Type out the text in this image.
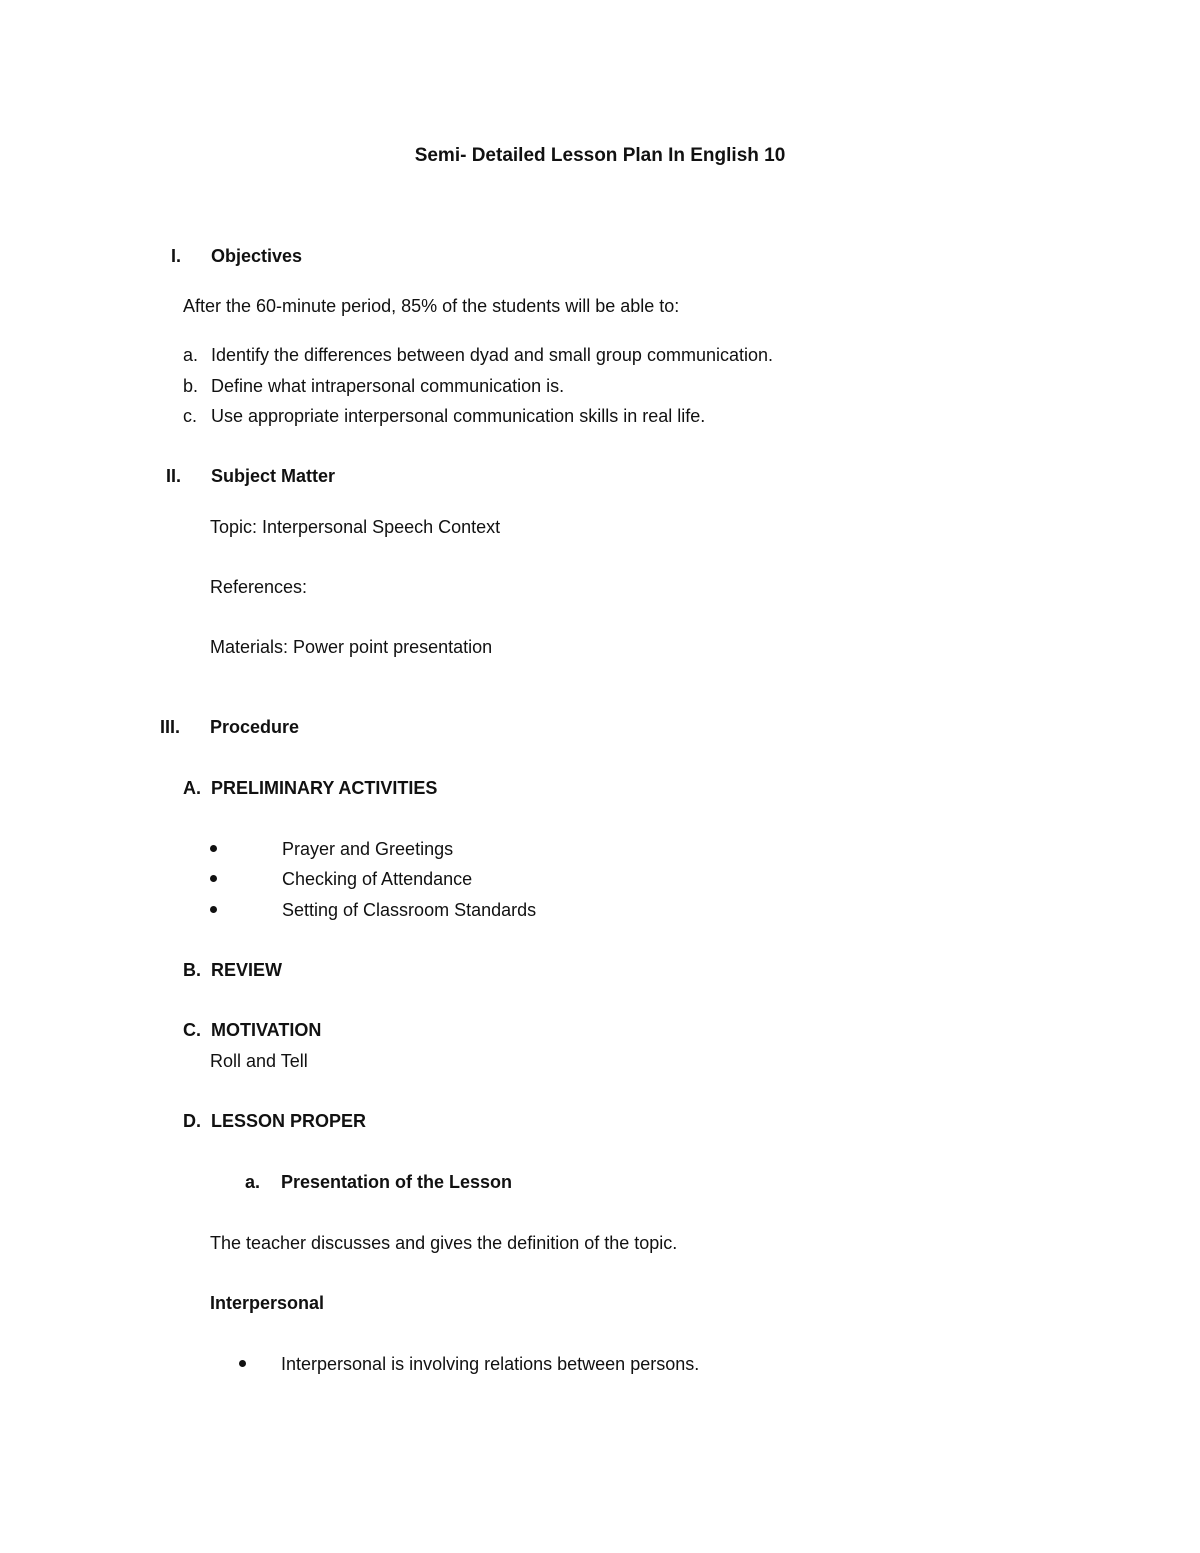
Semi- Detailed Lesson Plan In English 10
I. Objectives
After the 60-minute period, 85% of the students will be able to:
a. Identify the differences between dyad and small group communication.
b. Define what intrapersonal communication is.
c. Use appropriate interpersonal communication skills in real life.
II. Subject Matter
Topic: Interpersonal Speech Context
References:
Materials: Power point presentation
III. Procedure
A. PRELIMINARY ACTIVITIES
Prayer and Greetings
Checking of Attendance
Setting of Classroom Standards
B. REVIEW
C. MOTIVATION
Roll and Tell
D. LESSON PROPER
a. Presentation of the Lesson
The teacher discusses and gives the definition of the topic.
Interpersonal
Interpersonal is involving relations between persons.
